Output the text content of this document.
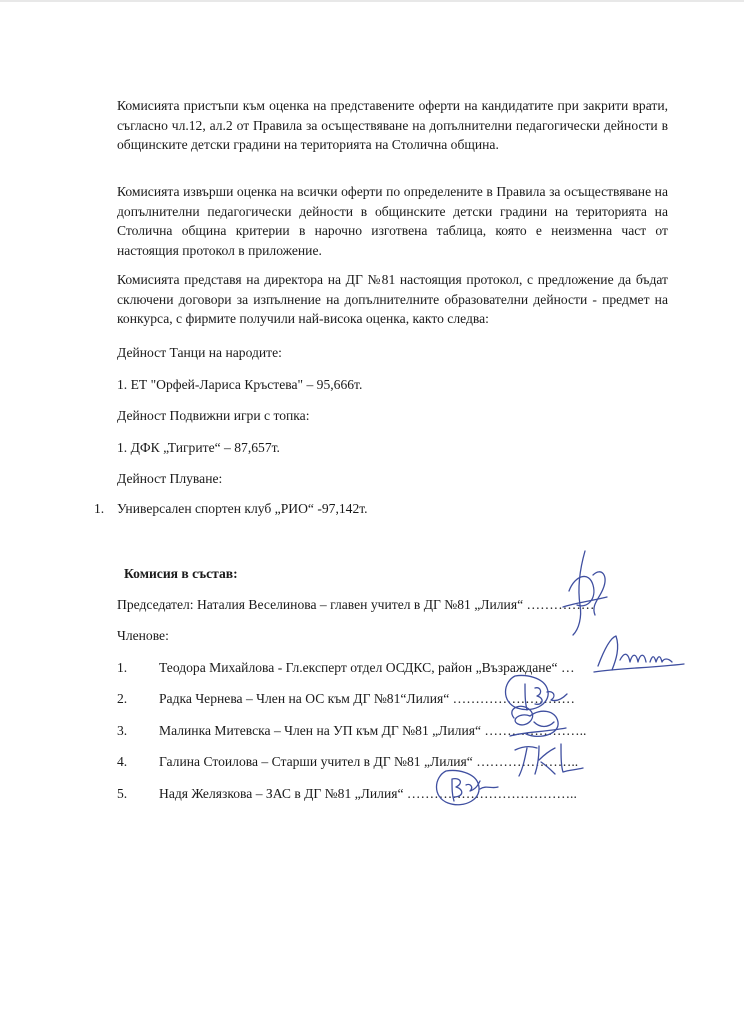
Комисията пристъпи към оценка на представените оферти на кандидатите при закрити врати, съгласно чл.12, ал.2 от Правила за осъществяване на допълнителни педагогически дейности в общинските детски градини на територията на Столична община.

Комисията извърши оценка на всички оферти по определените в Правила за осъществяване на допълнителни педагогически дейности в общинските детски градини на територията на Столична община критерии в нарочно изготвена таблица, която е неизменна част от настоящия протокол в приложение.

Комисията представя на директора на ДГ №81 настоящия протокол, с предложение да бъдат сключени договори за изпълнение на допълнителните образователни дейности - предмет на конкурса, с фирмите получили най-висока оценка, както следва:

Дейност Танци на народите:

1. ЕТ "Орфей-Лариса Кръстева" – 95,666т.

Дейност Подвижни игри с топка:

1. ДФК „Тигрите“ – 87,657т.

Дейност Плуване:

1. Универсален спортен клуб „РИО“ -97,142т.

Комисия в състав:

Председател: Наталия Веселинова – главен учител в ДГ №81 „Лилия“ ……………

Членове:

1. Теодора Михайлова - Гл.експерт отдел ОСДКС, район „Възраждане“ …
2. Радка Чернева – Член на ОС към ДГ №81“Лилия“ ………………………
3. Малинка Митевска – Член на УП към ДГ №81 „Лилия“ …………………..
4. Галина Стоилова – Старши учител в ДГ №81 „Лилия“ …………………..
5. Надя Желязкова – ЗАС в ДГ №81 „Лилия“ ………………………………..
